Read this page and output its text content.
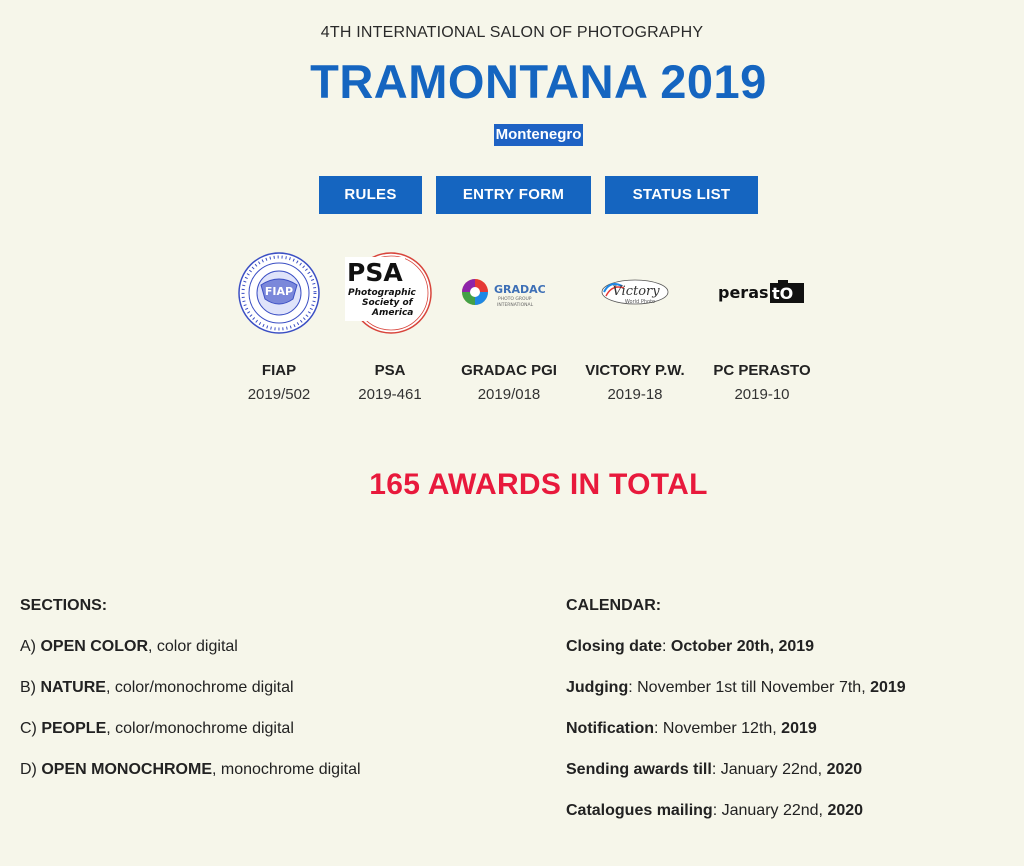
4TH INTERNATIONAL SALON OF PHOTOGRAPHY
TRAMONTANA 2019
Montenegro
RULES	ENTRY FORM	STATUS LIST
FIAP
PSA
Photographic
Society of
America
GRADAC
PHOTO GROUP
INTERNATIONAL
Victory
World Photo	peras tO
FIAP
2019/502
PSA
2019-461
GRADAC PGI
2019/018
VICTORY P.W.
2019-18
PC PERASTO
2019-10
165 AWARDS IN TOTAL
SECTIONS:
A) OPEN COLOR, color digital
B) NATURE, color/monochrome digital
C) PEOPLE, color/monochrome digital
D) OPEN MONOCHROME, monochrome digital
CALENDAR:
Closing date: October 20th, 2019
Judging: November 1st till November 7th, 2019
Notification: November 12th, 2019
Sending awards till: January 22nd, 2020
Catalogues mailing: January 22nd, 2020
